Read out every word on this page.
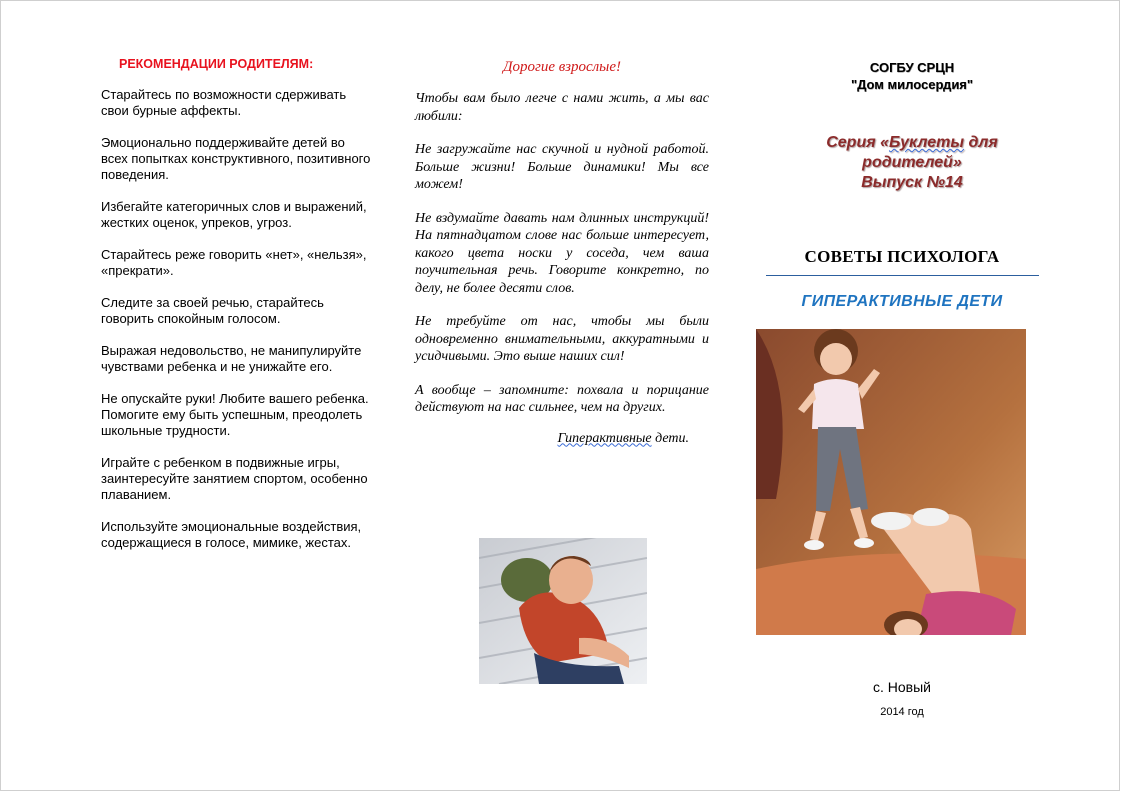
РЕКОМЕНДАЦИИ РОДИТЕЛЯМ:

Старайтесь по возможности сдерживать свои бурные аффекты.

Эмоционально поддерживайте детей во всех попытках конструктивного, позитивного поведения.

Избегайте категоричных слов и выражений, жестких оценок, упреков, угроз.

Старайтесь реже говорить «нет», «нельзя», «прекрати».

Следите за своей речью, старайтесь говорить спокойным голосом.

Выражая недовольство, не манипулируйте чувствами ребенка и не унижайте его.

Не опускайте руки! Любите вашего ребенка. Помогите ему быть успешным, преодолеть школьные трудности.

Играйте с ребенком в подвижные игры, заинтересуйте занятием спортом, особенно плаванием.

Используйте эмоциональные воздействия, содержащиеся в голосе, мимике, жестах.

Дорогие взрослые!

Чтобы вам было легче с нами жить, а мы вас любили:

Не загружайте нас скучной и нудной работой. Больше жизни! Больше динамики! Мы все можем!

Не вздумайте давать нам длинных инструкций! На пятнадцатом слове нас больше интересует, какого цвета носки у соседа, чем ваша поучительная речь. Говорите конкретно, по делу, не более десяти слов.

Не требуйте от нас, чтобы мы были одновременно внимательными, аккуратными и усидчивыми. Это выше наших сил!

А вообще – запомните: похвала и порицание действуют на нас сильнее, чем на других.

Гиперактивные дети.
СОГБУ СРЦН
"Дом милосердия"
Серия «Буклеты для родителей»
Выпуск №14
СОВЕТЫ ПСИХОЛОГА
ГИПЕРАКТИВНЫЕ ДЕТИ
с. Новый
2014 год
